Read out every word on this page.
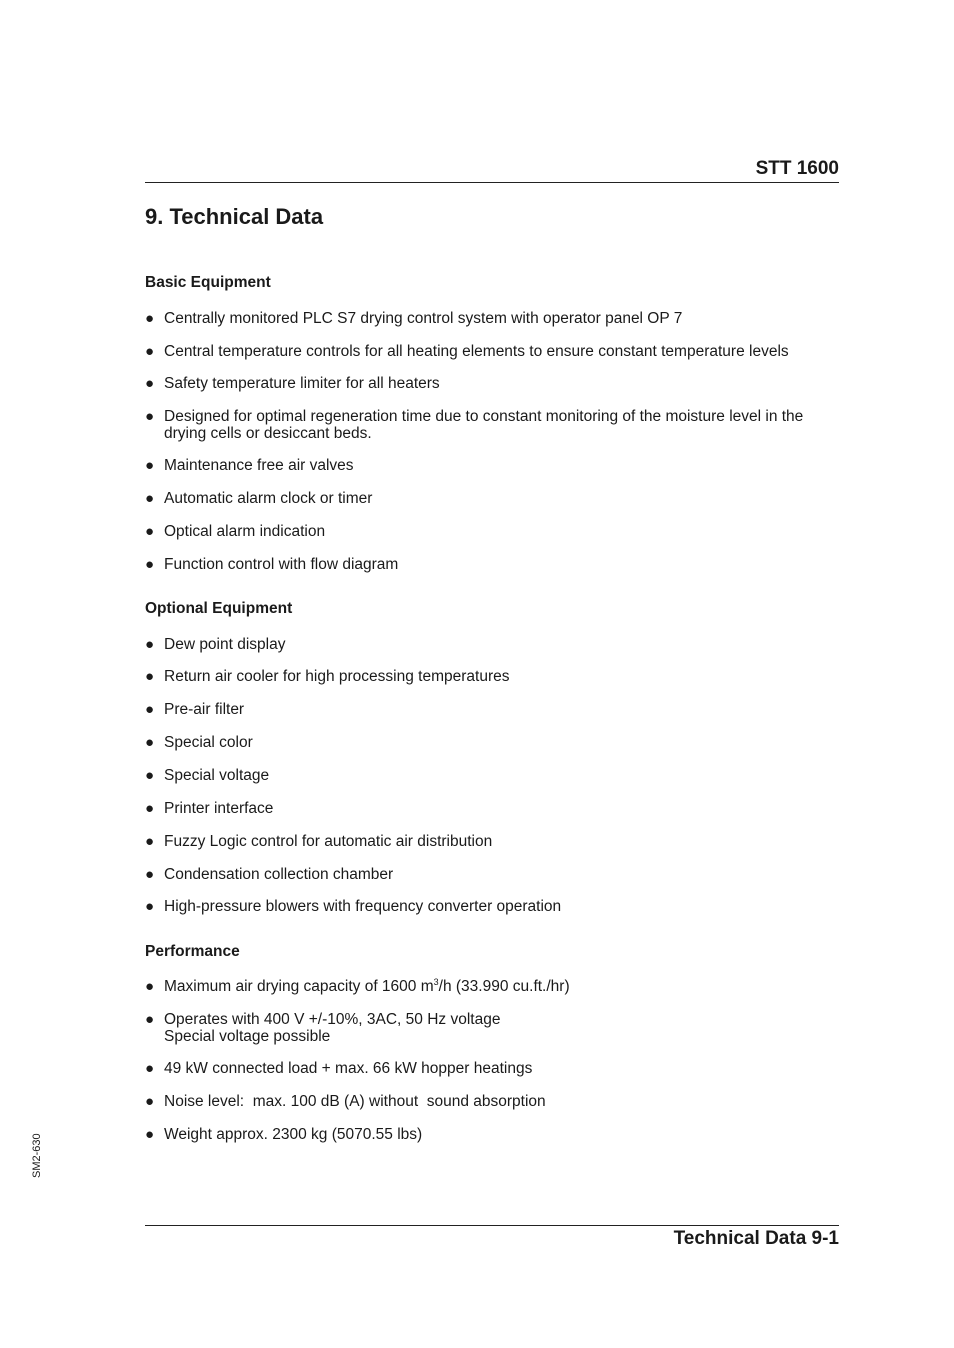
STT 1600
9. Technical Data
Basic Equipment
● Centrally monitored PLC S7 drying control system with operator panel OP 7
● Central temperature controls for all heating elements to ensure constant temperature levels
● Safety temperature limiter for all heaters
● Designed for optimal regeneration time due to constant monitoring of the moisture level in the
drying cells or desiccant beds.
● Maintenance free air valves
● Automatic alarm clock or timer
● Optical alarm indication
● Function control with flow diagram
Optional Equipment
● Dew point display
● Return air cooler for high processing temperatures
● Pre-air filter
● Special color
● Special voltage
● Printer interface
● Fuzzy Logic control for automatic air distribution
● Condensation collection chamber
● High-pressure blowers with frequency converter operation
Performance
● Maximum air drying capacity of 1600 $m^3/h$ (33.990 cu.ft./hr)
● Operates with 400 V +/-10%, 3AC, 50 Hz voltage
Special voltage possible
● 49 kW connected load + max. 66 kW hopper heatings
● Noise level:  max. 100 dB (A) without  sound absorption
● Weight approx. 2300 kg (5070.55 lbs)
SM2-630
Technical Data 9-1
